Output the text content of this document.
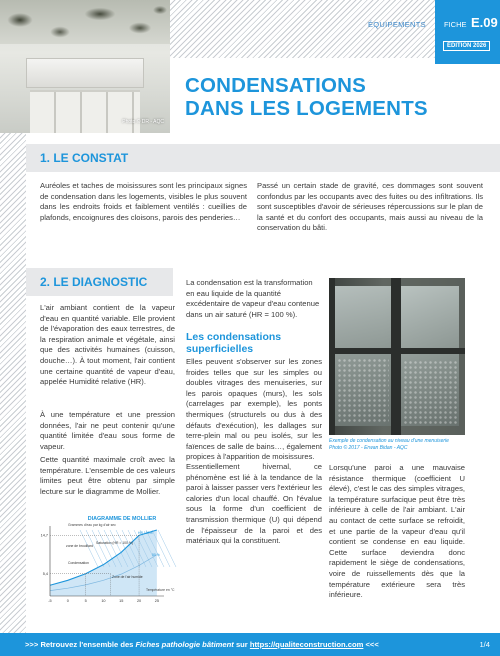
Photo © DR - AQC
ÉQUIPEMENTS FICHE E.09
ÉDITION 2026
CONDENSATIONS
DANS LES LOGEMENTS
1. LE CONSTAT

Auréoles et taches de moisissures sont les principaux signes de condensation dans les logements, visibles le plus souvent dans les endroits froids et faiblement ventilés : cueillies de plafonds, encoignures des cloisons, parois des penderies…

Passé un certain stade de gravité, ces dommages sont souvent confondus par les occupants avec des fuites ou des infiltrations. Ils sont susceptibles d'avoir de sérieuses répercussions sur le plan de la santé et du confort des occupants, mais aussi au niveau de la conservation du bâti.

2. LE DIAGNOSTIC

L'air ambiant contient de la vapeur d'eau en quantité variable. Elle provient de l'évaporation des eaux terrestres, de la respiration animale et végétale, ainsi que des activités humaines (cuisson, douche…). À tout moment, l'air contient une certaine quantité de vapeur d'eau, appelée Humidité relative (HR).

À une température et une pression données, l'air ne peut contenir qu'une quantité limitée d'eau sous forme de vapeur.

Cette quantité maximale croît avec la température. L'ensemble de ces valeurs limites peut être obtenu par simple lecture sur le diagramme de Mollier.

La condensation est la transformation en eau liquide de la quantité excédentaire de vapeur d'eau contenue dans un air saturé (HR = 100 %).

Les condensations superficielles

Elles peuvent s'observer sur les zones froides telles que sur les simples ou doubles vitrages des menuiseries, sur les parois opaques (murs), les sols (carrelages par exemple), les ponts thermiques (structurels ou dus à des défauts d'exécution), les dallages sur terre-plein mal ou peu isolés, sur les faïences de salle de bains…, également propices à l'apparition de moisissures.

Essentiellement hivernal, ce phénomène est lié à la tendance de la paroi à laisser passer vers l'extérieur les calories d'un local chauffé. On l'évalue sous la forme d'un coefficient de transmission thermique (U) qui dépend de l'épaisseur de la paroi et des matériaux qui la constituent.

Exemple de condensation au niveau d'une menuiserie
Photo © 2017 - Erwan Bidan - AQC

Lorsqu'une paroi a une mauvaise résistance thermique (coefficient U élevé), c'est le cas des simples vitrages, la température surfacique peut être très inférieure à celle de l'air ambiant. L'air au contact de cette surface se refroidit, et une partie de la vapeur d'eau qu'il contient se condense en eau liquide. Cette surface deviendra donc rapidement le siège de condensations, voire de ruissellements dès que la température extérieure sera très inférieure.

DIAGRAMME DE MOLLIER
Grammes d'eau par kg d'air sec
zone de brouillard
Condensation
Saturation (HR = 100 %)
Zone de l'air humide
HR 100%
50 %
Température en °C
-5	0	5	10	15	20	25
14,7
5,4
>>> Retrouvez l'ensemble des Fiches pathologie bâtiment sur https://qualiteconstruction.com <<<	1/4
